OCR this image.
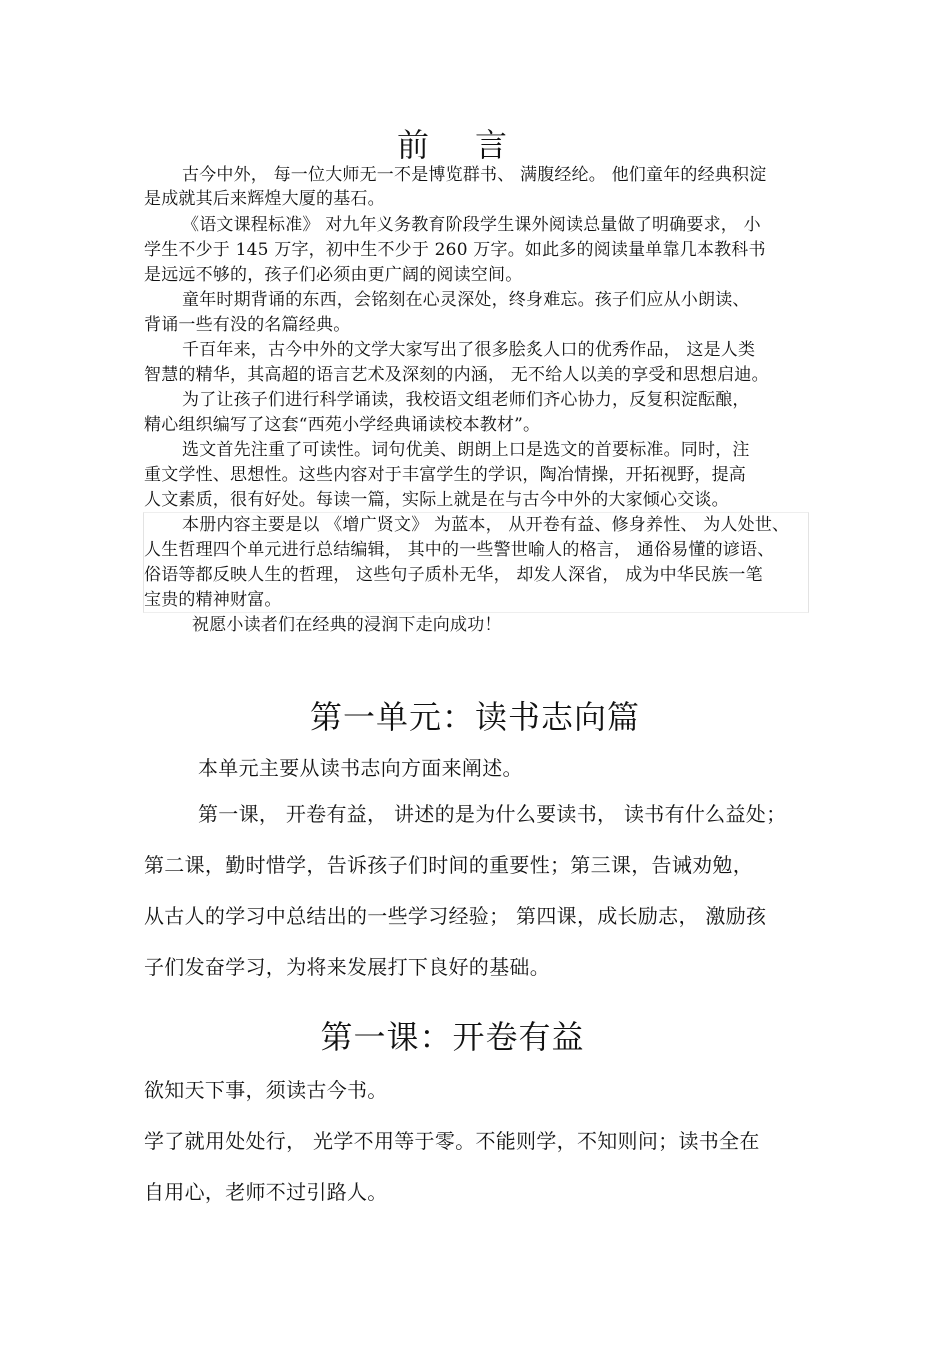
前言
古今中外， 每一位大师无一不是博览群书、 满腹经纶。 他们童年的经典积淀
是成就其后来辉煌大厦的基石。
《语文课程标准》 对九年义务教育阶段学生课外阅读总量做了明确要求， 小
学生不少于 145 万字，初中生不少于 260 万字。如此多的阅读量单靠几本教科书
是远远不够的，孩子们必须由更广阔的阅读空间。
童年时期背诵的东西，会铭刻在心灵深处，终身难忘。孩子们应从小朗读、
背诵一些有没的名篇经典。
千百年来，古今中外的文学大家写出了很多脍炙人口的优秀作品， 这是人类
智慧的精华，其高超的语言艺术及深刻的内涵， 无不给人以美的享受和思想启迪。
为了让孩子们进行科学诵读，我校语文组老师们齐心协力，反复积淀酝酿，
精心组织编写了这套“西苑小学经典诵读校本教材”。
选文首先注重了可读性。词句优美、朗朗上口是选文的首要标准。同时，注
重文学性、思想性。这些内容对于丰富学生的学识，陶冶情操，开拓视野，提高
人文素质，很有好处。每读一篇，实际上就是在与古今中外的大家倾心交谈。
本册内容主要是以 《增广贤文》 为蓝本， 从开卷有益、修身养性、 为人处世、
人生哲理四个单元进行总结编辑， 其中的一些警世喻人的格言， 通俗易懂的谚语、
俗语等都反映人生的哲理， 这些句子质朴无华， 却发人深省， 成为中华民族一笔
宝贵的精神财富。
祝愿小读者们在经典的浸润下走向成功！
第一单元：读书志向篇
本单元主要从读书志向方面来阐述。
第一课， 开卷有益， 讲述的是为什么要读书， 读书有什么益处；
第二课，勤时惜学，告诉孩子们时间的重要性；第三课，告诫劝勉，
从古人的学习中总结出的一些学习经验； 第四课，成长励志， 激励孩
子们发奋学习，为将来发展打下良好的基础。
第一课：开卷有益
欲知天下事，须读古今书。
学了就用处处行， 光学不用等于零。不能则学，不知则问；读书全在
自用心，老师不过引路人。
